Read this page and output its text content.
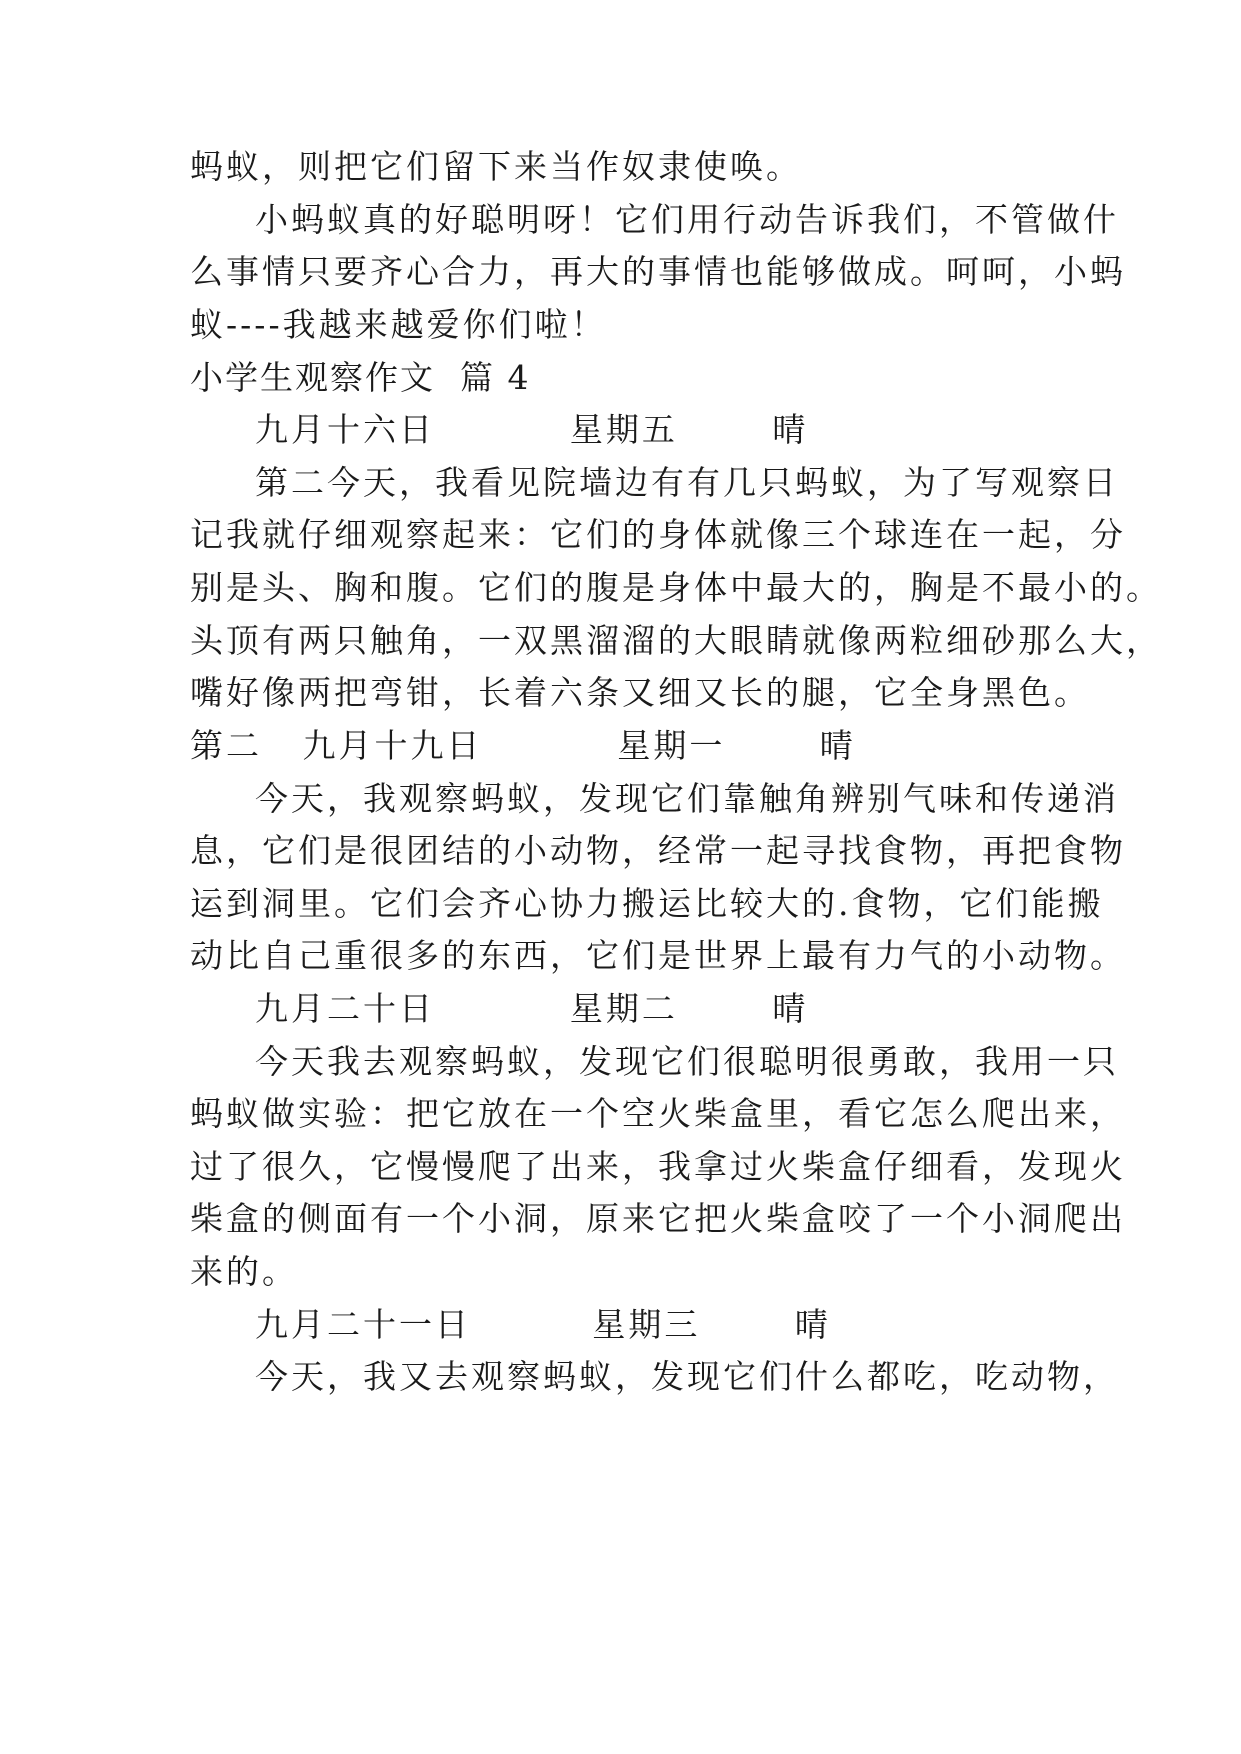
蚂蚁，则把它们留下来当作奴隶使唤。
小蚂蚁真的好聪明呀！它们用行动告诉我们，不管做什
么事情只要齐心合力，再大的事情也能够做成。呵呵，小蚂
蚁----我越来越爱你们啦！
小学生观察作文  篇 4
九月十六日          星期五       晴
第二今天，我看见院墙边有有几只蚂蚁，为了写观察日
记我就仔细观察起来：它们的身体就像三个球连在一起，分
别是头、胸和腹。它们的腹是身体中最大的，胸是不最小的。
头顶有两只触角，一双黑溜溜的大眼睛就像两粒细砂那么大，
嘴好像两把弯钳，长着六条又细又长的腿，它全身黑色。
第二   九月十九日          星期一       晴
今天，我观察蚂蚁，发现它们靠触角辨别气味和传递消
息，它们是很团结的小动物，经常一起寻找食物，再把食物
运到洞里。它们会齐心协力搬运比较大的.食物，它们能搬
动比自己重很多的东西，它们是世界上最有力气的小动物。
九月二十日          星期二       晴
今天我去观察蚂蚁，发现它们很聪明很勇敢，我用一只
蚂蚁做实验：把它放在一个空火柴盒里，看它怎么爬出来，
过了很久，它慢慢爬了出来，我拿过火柴盒仔细看，发现火
柴盒的侧面有一个小洞，原来它把火柴盒咬了一个小洞爬出
来的。
九月二十一日         星期三       晴
今天，我又去观察蚂蚁，发现它们什么都吃，吃动物，
